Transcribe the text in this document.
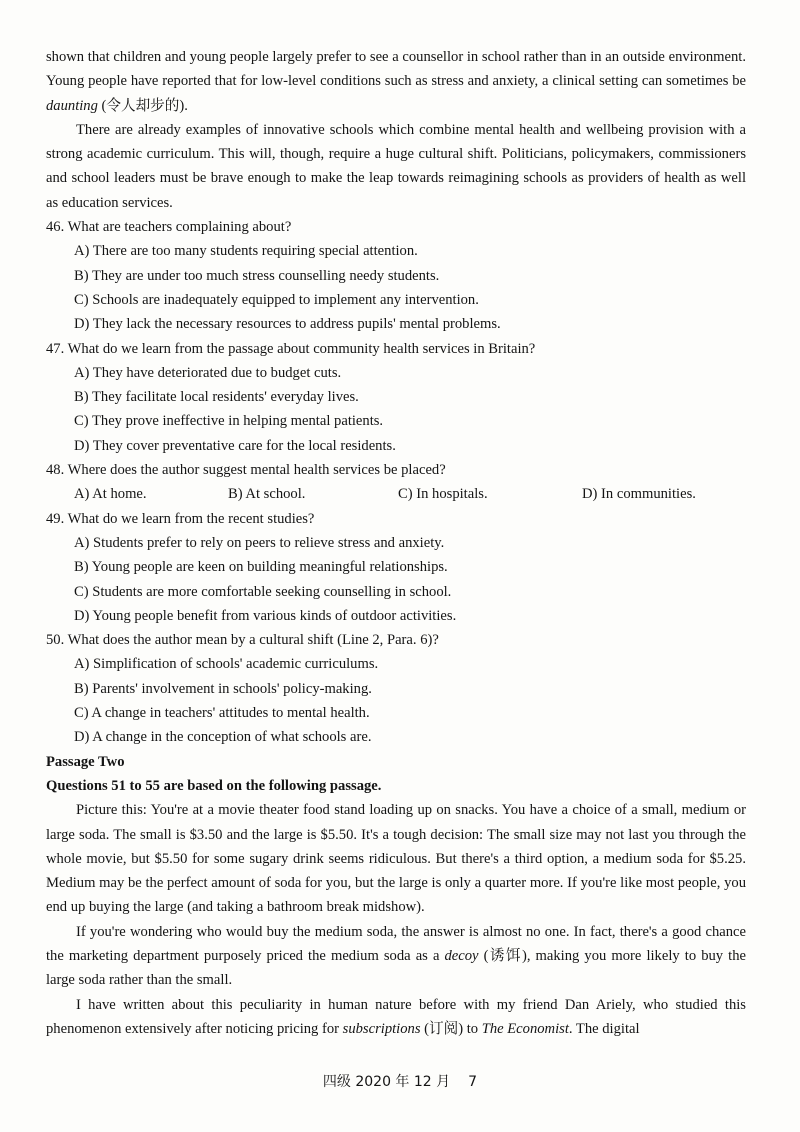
shown that children and young people largely prefer to see a counsellor in school rather than in an outside environment. Young people have reported that for low-level conditions such as stress and anxiety, a clinical setting can sometimes be daunting (令人却步的).

There are already examples of innovative schools which combine mental health and wellbeing provision with a strong academic curriculum. This will, though, require a huge cultural shift. Politicians, policymakers, commissioners and school leaders must be brave enough to make the leap towards reimagining schools as providers of health as well as education services.

46. What are teachers complaining about?

A) There are too many students requiring special attention.

B) They are under too much stress counselling needy students.

C) Schools are inadequately equipped to implement any intervention.

D) They lack the necessary resources to address pupils' mental problems.

47. What do we learn from the passage about community health services in Britain?

A) They have deteriorated due to budget cuts.

B) They facilitate local residents' everyday lives.

C) They prove ineffective in helping mental patients.

D) They cover preventative care for the local residents.

48. Where does the author suggest mental health services be placed?

A) At home.	B) At school.	C) In hospitals.	D) In communities.

49. What do we learn from the recent studies?

A) Students prefer to rely on peers to relieve stress and anxiety.

B) Young people are keen on building meaningful relationships.

C) Students are more comfortable seeking counselling in school.

D) Young people benefit from various kinds of outdoor activities.

50. What does the author mean by a cultural shift (Line 2, Para. 6)?

A) Simplification of schools' academic curriculums.

B) Parents' involvement in schools' policy-making.

C) A change in teachers' attitudes to mental health.

D) A change in the conception of what schools are.

Passage Two

Questions 51 to 55 are based on the following passage.

Picture this: You're at a movie theater food stand loading up on snacks. You have a choice of a small, medium or large soda. The small is $3.50 and the large is $5.50. It's a tough decision: The small size may not last you through the whole movie, but $5.50 for some sugary drink seems ridiculous. But there's a third option, a medium soda for $5.25. Medium may be the perfect amount of soda for you, but the large is only a quarter more. If you're like most people, you end up buying the large (and taking a bathroom break midshow).

If you're wondering who would buy the medium soda, the answer is almost no one. In fact, there's a good chance the marketing department purposely priced the medium soda as a decoy (诱饵), making you more likely to buy the large soda rather than the small.

I have written about this peculiarity in human nature before with my friend Dan Ariely, who studied this phenomenon extensively after noticing pricing for subscriptions (订阅) to The Economist. The digital

四级 2020 年 12 月 7
